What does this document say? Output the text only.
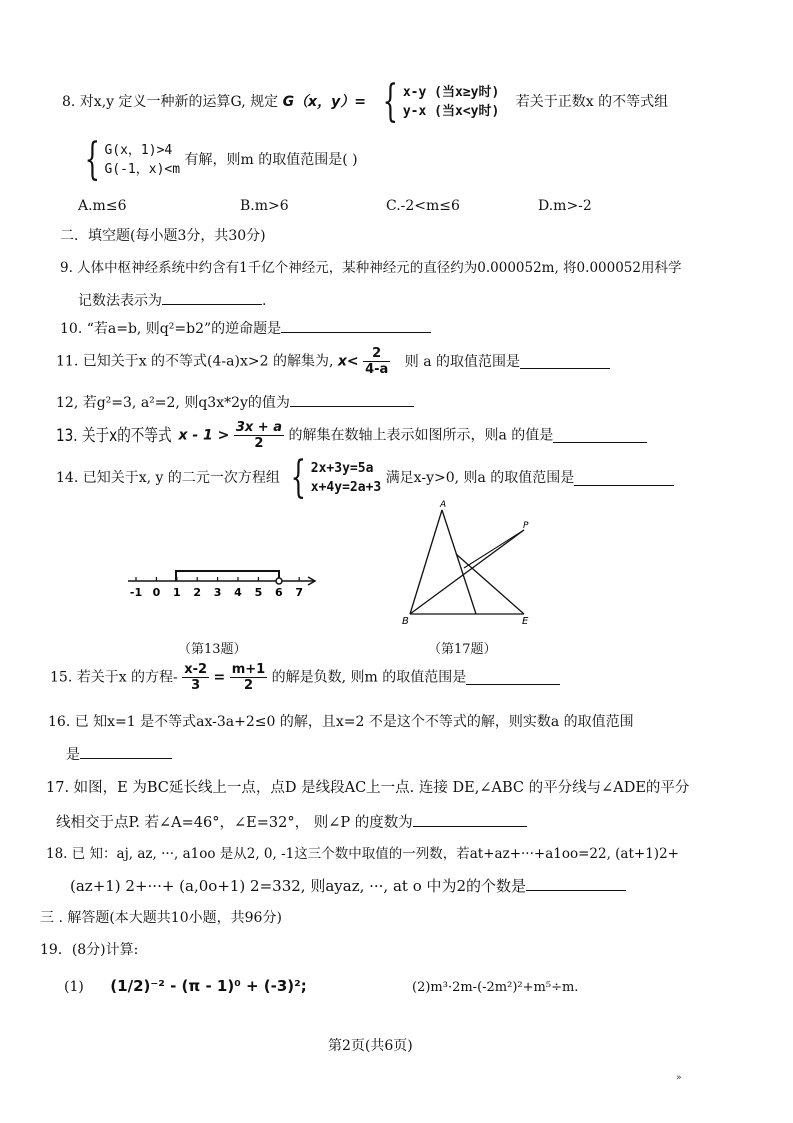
8. 对x,y 定义一种新的运算G, 规定 G（x，y）= { x-y (当x≥y时)
y-x (当x<y时)
若关于正数x 的不等式组
{ G(x，1)>4
G(-1，x)<m
有解，则m 的取值范围是( )
A.m≤6	B.m>6	C.-2<m≤6	D.m>-2
二．填空题(每小题3分，共30分)
9. 人体中枢神经系统中约含有1千亿个神经元，某种神经元的直径约为0.000052m, 将0.000052用科学
记数法表示为	.
10. “若a=b, 则q²=b2”的逆命题是
11. 已知关于x 的不等式(4-a)x>2 的解集为, $x< \frac{2}{4-a}$ 则 a 的取值范围是
12, 若g²=3, a²=2, 则q3x*2y的值为
13. 关于x的不等式 $x - 1 > \frac{3x + a}{2}$ 的解集在数轴上表示如图所示，则a 的值是
14. 已知关于x, y 的二元一次方程组 { 2x+3y=5a
x+4y=2a+3
满足x-y>0, 则a 的取值范围是
-1 0 1 2 3 4 5 6 7
（第13题）
A
B	E
P
（第17题）
15. 若关于x 的方程- $\frac{x-2}{3} = \frac{m+1}{2}$ 的解是负数, 则m 的取值范围是
16. 已 知x=1 是不等式ax-3a+2≤0 的解，且x=2 不是这个不等式的解，则实数a 的取值范围
是
17. 如图，E 为BC延长线上一点，点D 是线段AC上一点. 连接 DE,∠ABC 的平分线与∠ADE的平分
线相交于点P. 若∠A=46°，∠E=32°， 则∠P 的度数为
18. 已 知：aj, az, ···, a1oo 是从2, 0, -1这三个数中取值的一列数，若at+az+···+a1oo=22, (at+1)2+
(az+1) 2+···+ (a,0o+1) 2=332, 则ayaz, ···, at o 中为2的个数是
三 . 解答题(本大题共10小题，共96分)
19．(8分)计算:
(1) (1/2)⁻² - (π - 1)⁰ + (-3)²;	(2)m³·2m-(-2m²)²+m⁵÷m.
第2页(共6页)
»
